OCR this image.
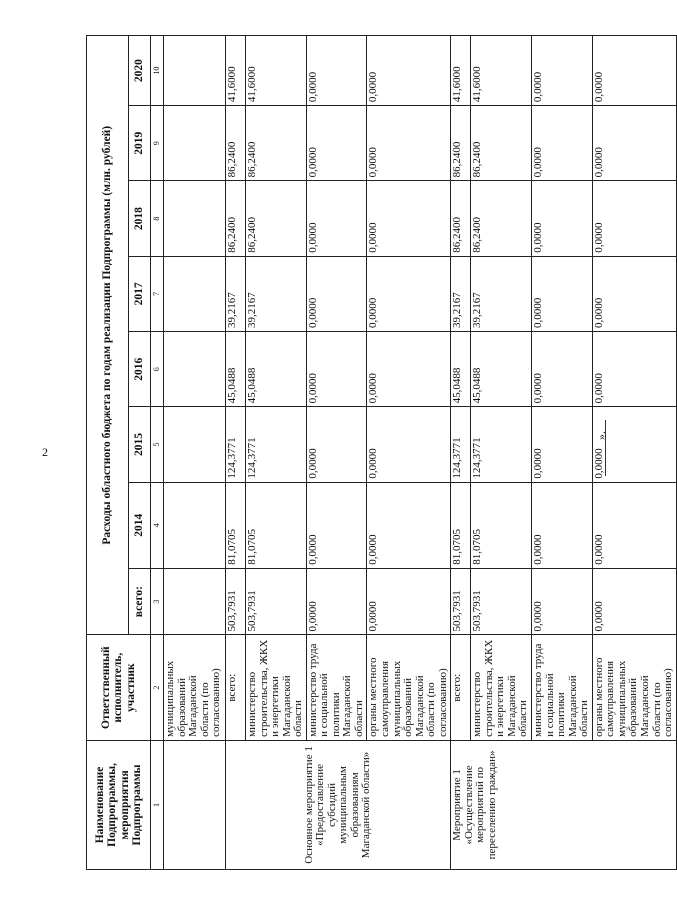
2
Наименование Подпрограммы, мероприятия Подпрограммы	Ответственный исполнитель, участник	Расходы областного бюджета по годам реализации Подпрограммы (млн. рублей)							
		всего:	2014	2015	2016	2017	2018	2019	2020
1	2	3	4	5	6	7	8	9	10
	муниципальных образований Магаданской области (по согласованию)								
Основное мероприятие 1 «Предоставление субсидий муниципальным образованиям Магаданской области»	всего:	503,7931	81,0705	124,3771	45,0488	39,2167	86,2400	86,2400	41,6000
	министерство строительства, ЖКХ и энергетики Магаданской области	503,7931	81,0705	124,3771	45,0488	39,2167	86,2400	86,2400	41,6000
	министерство труда и социальной политики Магаданской области	0,0000	0,0000	0,0000	0,0000	0,0000	0,0000	0,0000	0,0000
	органы местного самоуправления муниципальных образований Магаданской области (по согласованию)	0,0000	0,0000	0,0000	0,0000	0,0000	0,0000	0,0000	0,0000
Мероприятие 1 «Осуществление мероприятий по переселению граждан»	всего:	503,7931	81,0705	124,3771	45,0488	39,2167	86,2400	86,2400	41,6000
	министерство строительства, ЖКХ и энергетики Магаданской области	503,7931	81,0705	124,3771	45,0488	39,2167	86,2400	86,2400	41,6000
	министерство труда и социальной политики Магаданской области	0,0000	0,0000	0,0000	0,0000	0,0000	0,0000	0,0000	0,0000
	органы местного самоуправления муниципальных образований Магаданской области (по согласованию)	0,0000	0,0000	0,0000	0,0000	0,0000	0,0000	0,0000	0,0000
».
